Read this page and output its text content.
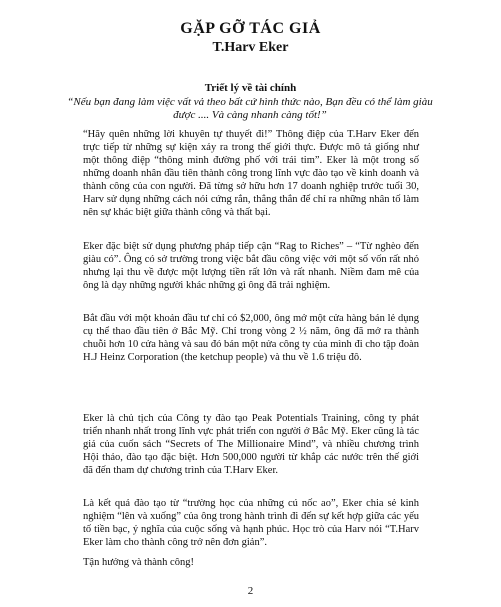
GẶP GỠ TÁC GIẢ
T.Harv Eker
Triết lý về tài chính
“Nếu bạn đang làm việc vất vả theo bất cứ hình thức nào, Bạn đều có thể làm giàu được .... Và càng nhanh càng tốt!”
“Hãy quên những lời khuyên tự thuyết đi!” Thông điệp của T.Harv Eker đến trực tiếp từ những sự kiện xảy ra trong thế giới thực. Được mô tả giống như một thông điệp “thông minh đường phố với trái tim”. Eker là một trong số những doanh nhân đầu tiên thành công trong lĩnh vực đào tạo về kinh doanh và thành công của con người. Đã từng sở hữu hơn 17 doanh nghiệp trước tuổi 30, Harv sử dụng những cách nói cứng rắn, thẳng thắn để chỉ ra những nhân tố làm nên sự khác biệt giữa thành công và thất bại.
Eker đặc biệt sử dụng phương pháp tiếp cận “Rag to Riches” – “Từ nghèo đến giàu có”. Ông có sở trường trong việc bắt đầu công việc với một số vốn rất nhỏ nhưng lại thu về được một lượng tiền rất lớn và rất nhanh. Niềm đam mê của ông là dạy những người khác những gì ông đã trải nghiệm.
Bắt đầu với một khoản đầu tư chỉ có $2,000, ông mở một cửa hàng bán lẻ dụng cụ thể thao đầu tiên ở Bắc Mỹ. Chỉ trong vòng 2 ½ năm, ông đã mở ra thành chuỗi hơn 10 cửa hàng và sau đó bán một nửa công ty của mình đi cho tập đoàn H.J Heinz Corporation (the ketchup people) và thu về 1.6 triệu đô.
Eker là chủ tịch của Công ty đào tạo Peak Potentials Training, công ty phát triển nhanh nhất trong lĩnh vực phát triển con người ở Bắc Mỹ. Eker cũng là tác giả của cuốn sách “Secrets of The Millionaire Mind”, và nhiều chương trình Hội thảo, đào tạo đặc biệt. Hơn 500,000 người từ khắp các nước trên thế giới đã đến tham dự chương trình của T.Harv Eker.
Là kết quả đào tạo từ “trường học của những cú nốc ao”, Eker chia sẻ kinh nghiệm “lên và xuống” của ông trong hành trình đi đến sự kết hợp giữa các yếu tố tiền bạc, ý nghĩa của cuộc sống và hạnh phúc. Học trò của Harv nói “T.Harv Eker làm cho thành công trở nên đơn giản”.
Tận hưởng và thành công!
2
